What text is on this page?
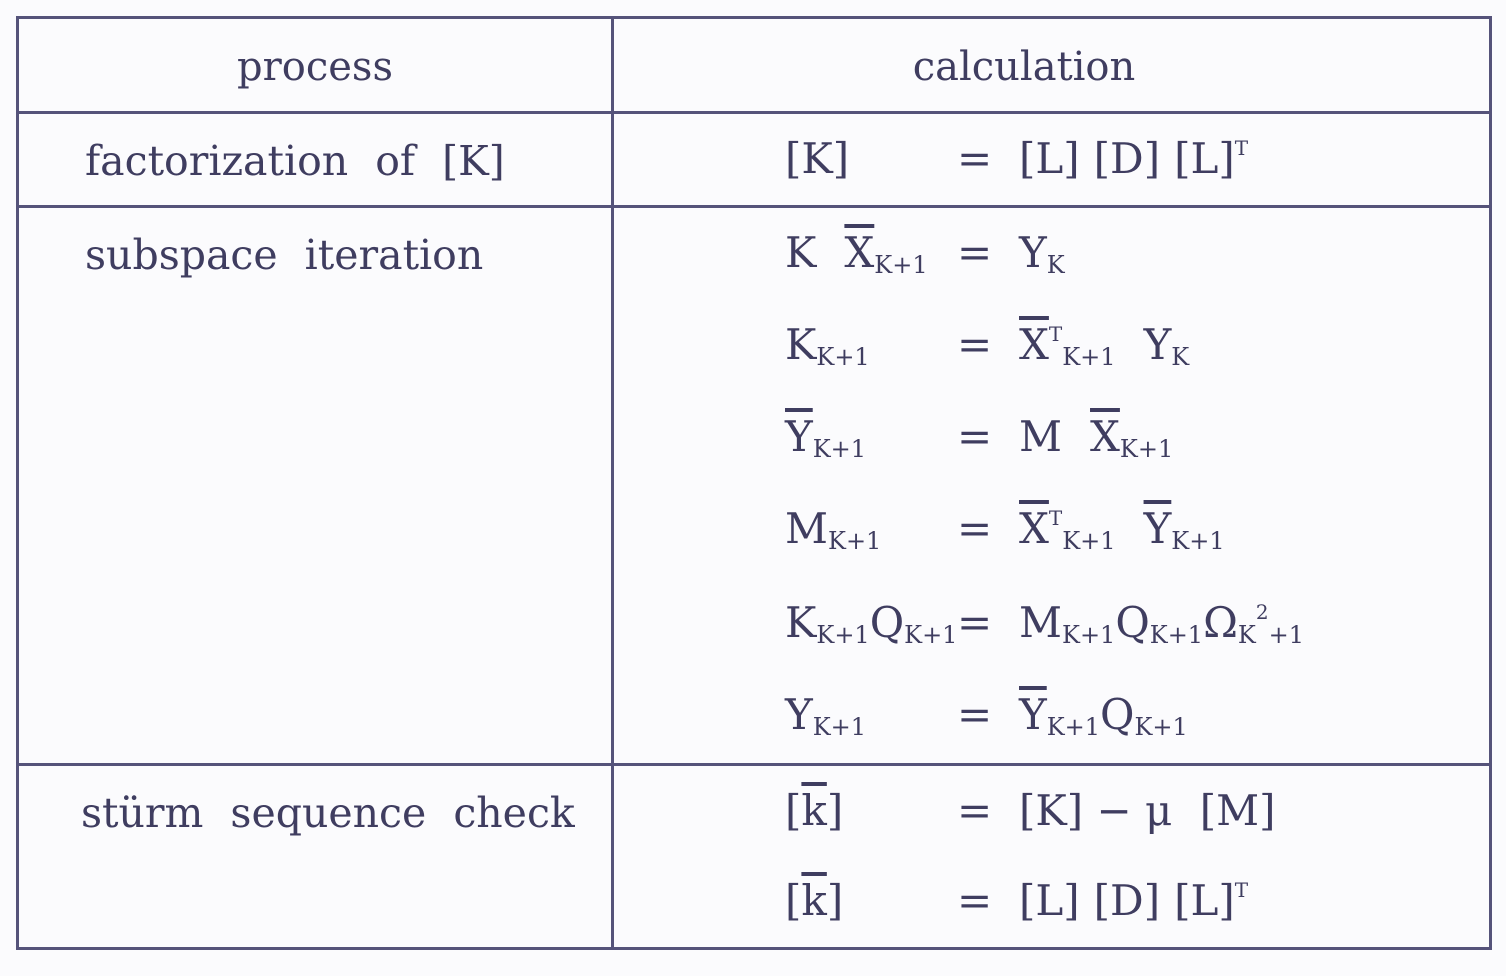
process	calculation
factorization of [K]	[K]	= [L] [D] $[L]^T$
subspace iteration	K $\overline{X}_{K+1} = Y_K$
$K_{K+1} = \overline{X}^T_{K+1}$ $Y_K$
$\overline{Y}_{K+1} = M$ $\overline{X}_{K+1}$
$M_{K+1} = \overline{X}^T_{K+1}$ $\overline{Y}_{K+1}$
$K_{K+1}Q_{K+1} = M_{K+1}Q_{K+1}\Omega_K^2_{+1}$
$Y_{K+1} = \overline{Y}_{K+1}Q_{K+1}$
stürm sequence check	$[\overline{k}]$	= [K] − μ [M]
$[\overline{k}]$	= [L] [D] $[L]^T$
